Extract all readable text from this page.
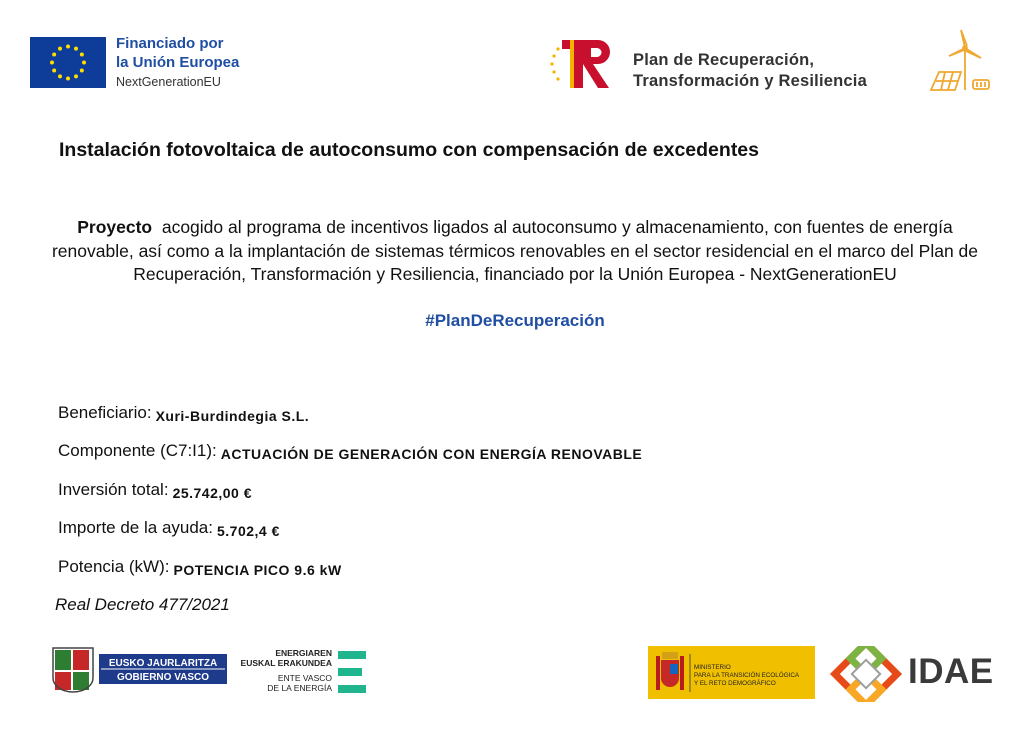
Financiado por
la Unión Europea
NextGenerationEU
Plan de Recuperación,
Transformación y Resiliencia
Instalación fotovoltaica de autoconsumo con compensación de excedentes
Proyecto acogido al programa de incentivos ligados al autoconsumo y almacenamiento, con fuentes de energía renovable, así como a la implantación de sistemas térmicos renovables en el sector residencial en el marco del Plan de Recuperación, Transformación y Resiliencia, financiado por la Unión Europea - NextGenerationEU
#PlanDeRecuperación
Beneficiario: Xuri-Burdindegia S.L.
Componente (C7:I1): ACTUACIÓN DE GENERACIÓN CON ENERGÍA RENOVABLE
Inversión total: 25.742,00 €
Importe de la ayuda: 5.702,4 €
Potencia (kW): POTENCIA PICO 9.6 kW
Real Decreto 477/2021
EUSKO JAURLARITZA
GOBIERNO VASCO
ENERGIAREN
EUSKAL ERAKUNDEA
ENTE VASCO
DE LA ENERGÍA
MINISTERIO
PARA LA TRANSICIÓN ECOLÓGICA
Y EL RETO DEMOGRÁFICO	IDAE
